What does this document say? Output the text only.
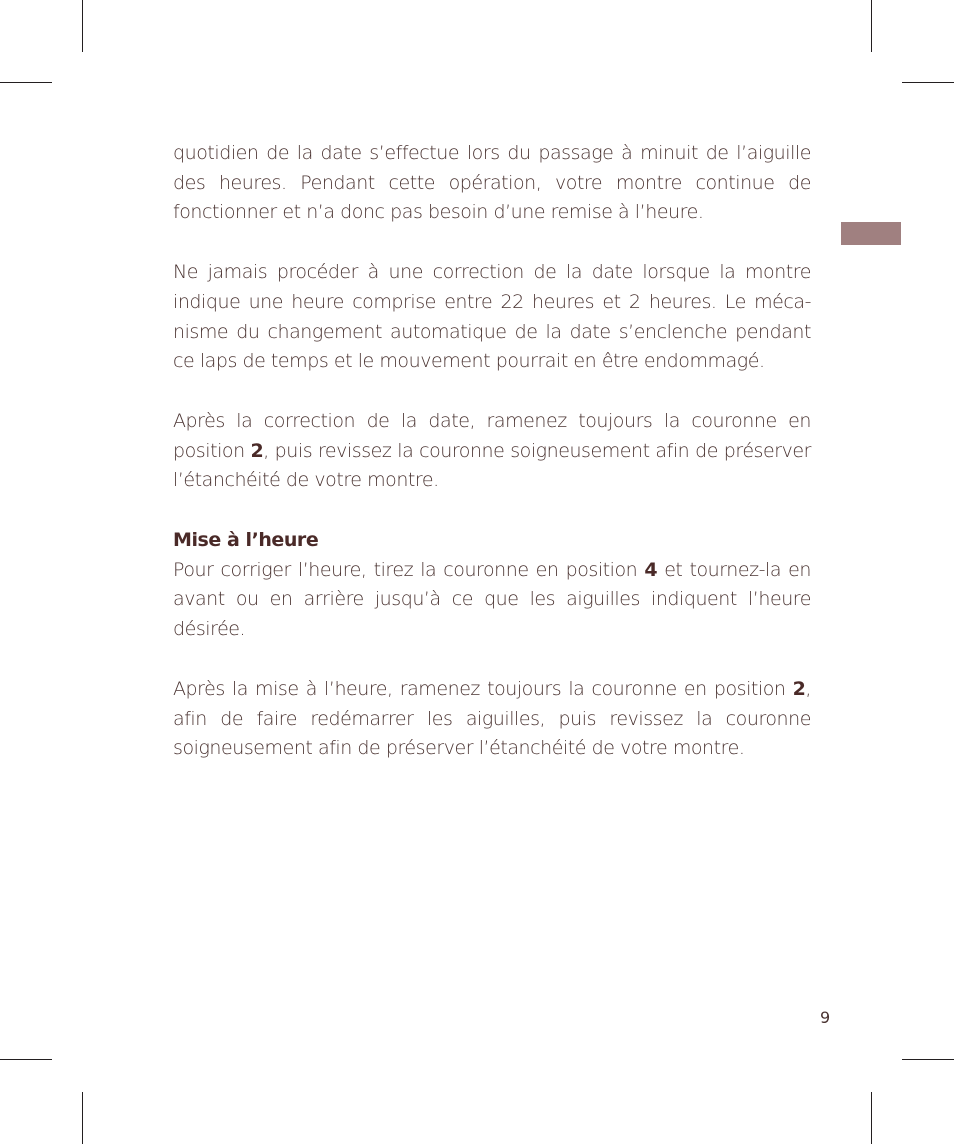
quotidien de la date s’effectue lors du passage à minuit de l’aiguille des heures. Pendant cette opération, votre montre continue de fonctionner et n’a donc pas besoin d’une remise à l’heure.

Ne jamais procéder à une correction de la date lorsque la montre indique une heure comprise entre 22 heures et 2 heures. Le méca-nisme du changement automatique de la date s’enclenche pendant ce laps de temps et le mouvement pourrait en être endommagé.

Après la correction de la date, ramenez toujours la couronne en position 2, puis revissez la couronne soigneusement afin de préserver l’étanchéité de votre montre.

Mise à l’heure

Pour corriger l’heure, tirez la couronne en position 4 et tournez-la en avant ou en arrière jusqu’à ce que les aiguilles indiquent l’heure désirée.

Après la mise à l’heure, ramenez toujours la couronne en position 2, afin de faire redémarrer les aiguilles, puis revissez la couronne soigneusement afin de préserver l’étanchéité de votre montre.

9
